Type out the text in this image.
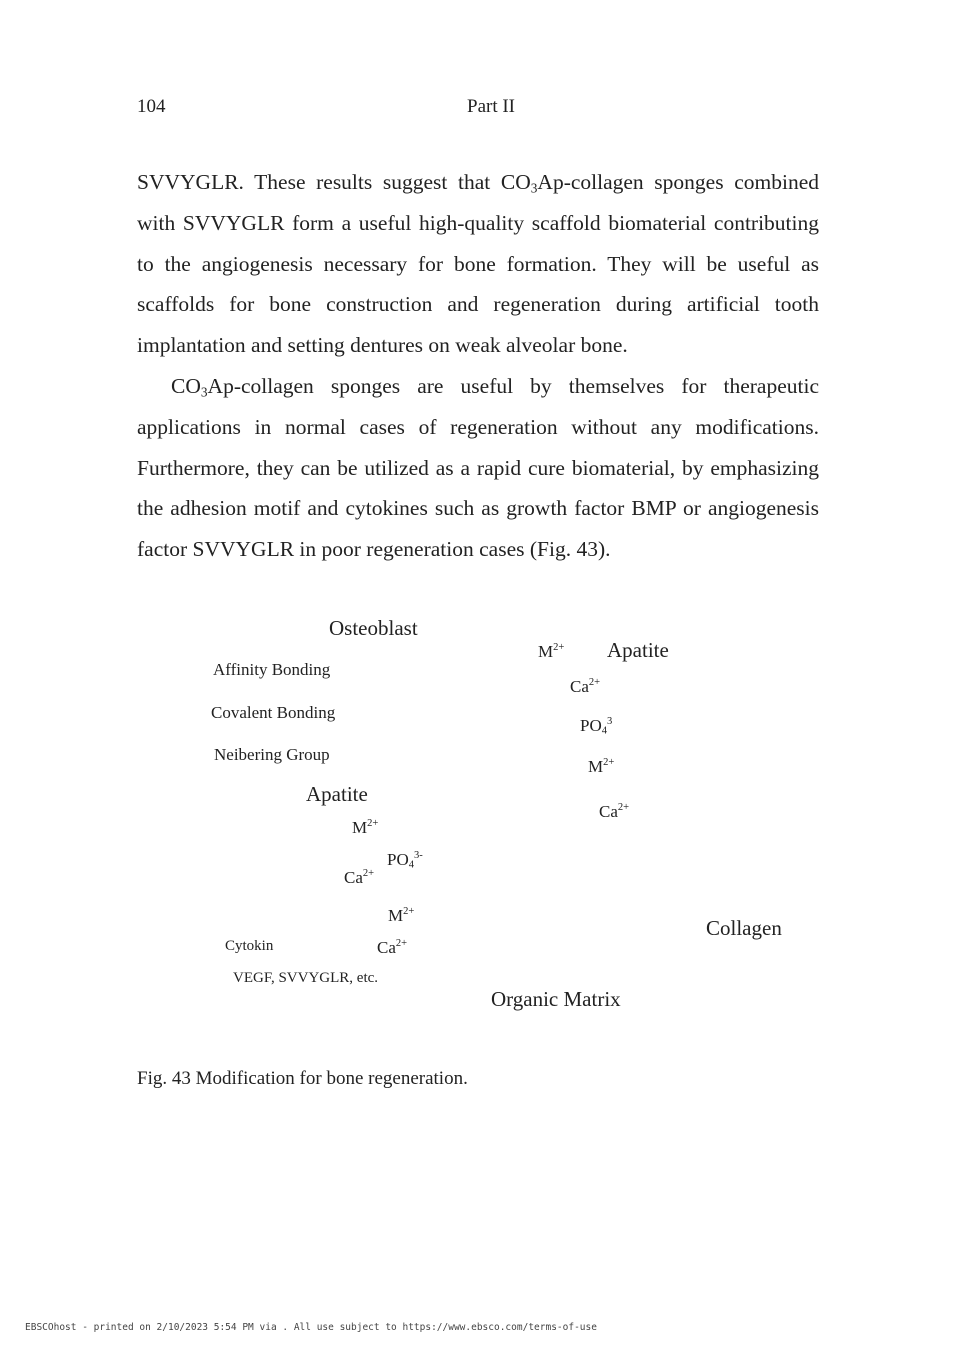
104	Part II

SVVYGLR. These results suggest that $CO_3Ap$-collagen sponges combined with SVVYGLR form a useful high-quality scaffold biomaterial contributing to the angiogenesis necessary for bone formation. They will be useful as scaffolds for bone construction and regeneration during artificial tooth implantation and setting dentures on weak alveolar bone.

$CO_3Ap$-collagen sponges are useful by themselves for therapeutic applications in normal cases of regeneration without any modifications. Furthermore, they can be utilized as a rapid cure biomaterial, by emphasizing the adhesion motif and cytokines such as growth factor BMP or angiogenesis factor SVVYGLR in poor regeneration cases (Fig. 43).

Osteoblast
Affinity Bonding
Covalent Bonding
Neibering Group
Apatite
$M^{2+}$
$PO_4^{3-}$
$Ca^{2+}$
$M^{2+}$
$Ca^{2+}$
Cytokin
VEGF, SVVYGLR, etc.
$M^{2+}$ Apatite
$Ca^{2+}$
$PO_4^3$
$M^{2+}$
$Ca^{2+}$
Collagen
Organic Matrix
Fig. 43 Modification for bone regeneration.
EBSCOhost - printed on 2/10/2023 5:54 PM via . All use subject to https://www.ebsco.com/terms-of-use
